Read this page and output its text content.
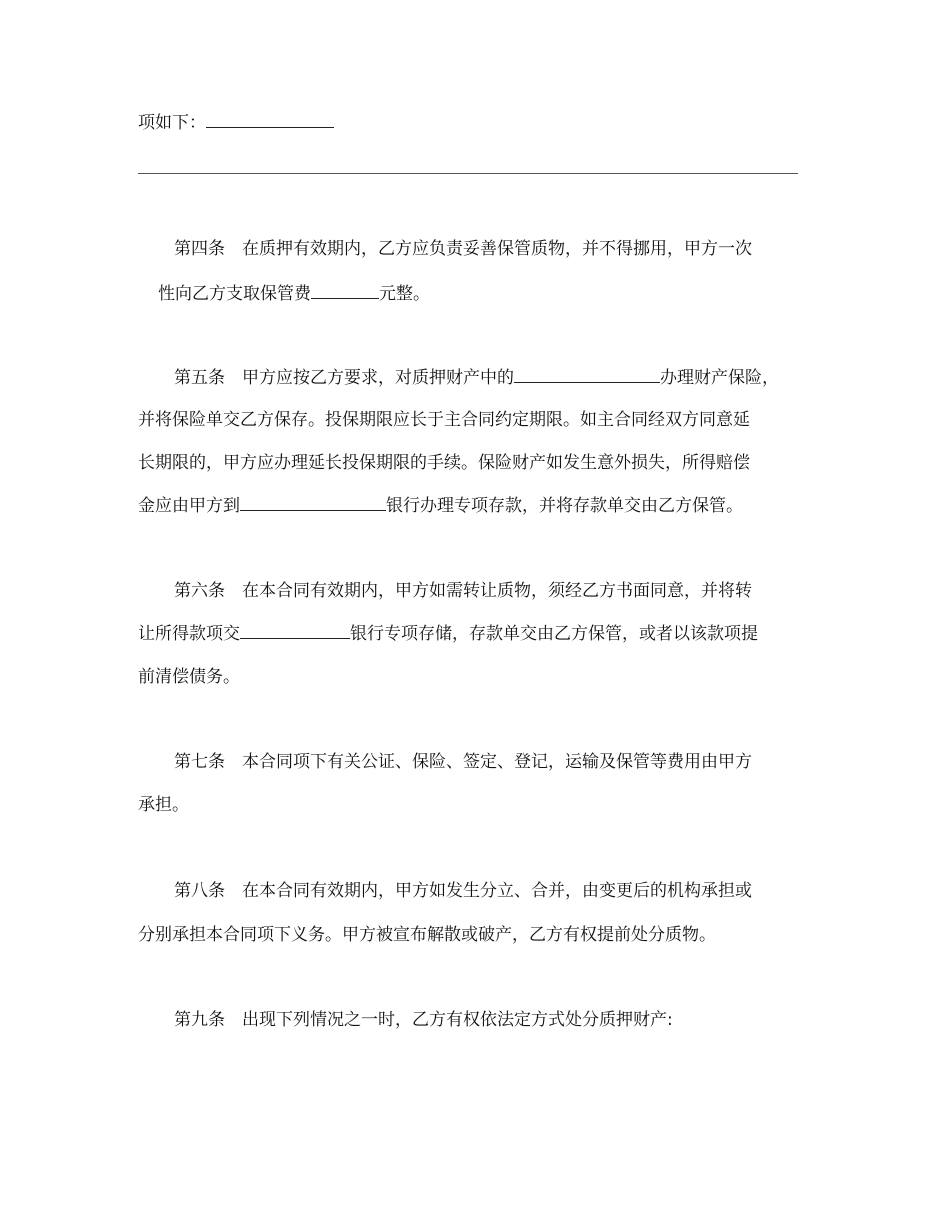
项如下：
第四条　在质押有效期内，乙方应负责妥善保管质物，并不得挪用，甲方一次
性向乙方支取保管费	元整。
第五条　甲方应按乙方要求，对质押财产中的	办理财产保险，
并将保险单交乙方保存。投保期限应长于主合同约定期限。如主合同经双方同意延
长期限的，甲方应办理延长投保期限的手续。保险财产如发生意外损失，所得赔偿
金应由甲方到	银行办理专项存款，并将存款单交由乙方保管。
第六条　在本合同有效期内，甲方如需转让质物，须经乙方书面同意，并将转
让所得款项交	银行专项存储，存款单交由乙方保管，或者以该款项提
前清偿债务。
第七条　本合同项下有关公证、保险、签定、登记，运输及保管等费用由甲方
承担。
第八条　在本合同有效期内，甲方如发生分立、合并，由变更后的机构承担或
分别承担本合同项下义务。甲方被宣布解散或破产，乙方有权提前处分质物。
第九条　出现下列情况之一时，乙方有权依法定方式处分质押财产:
